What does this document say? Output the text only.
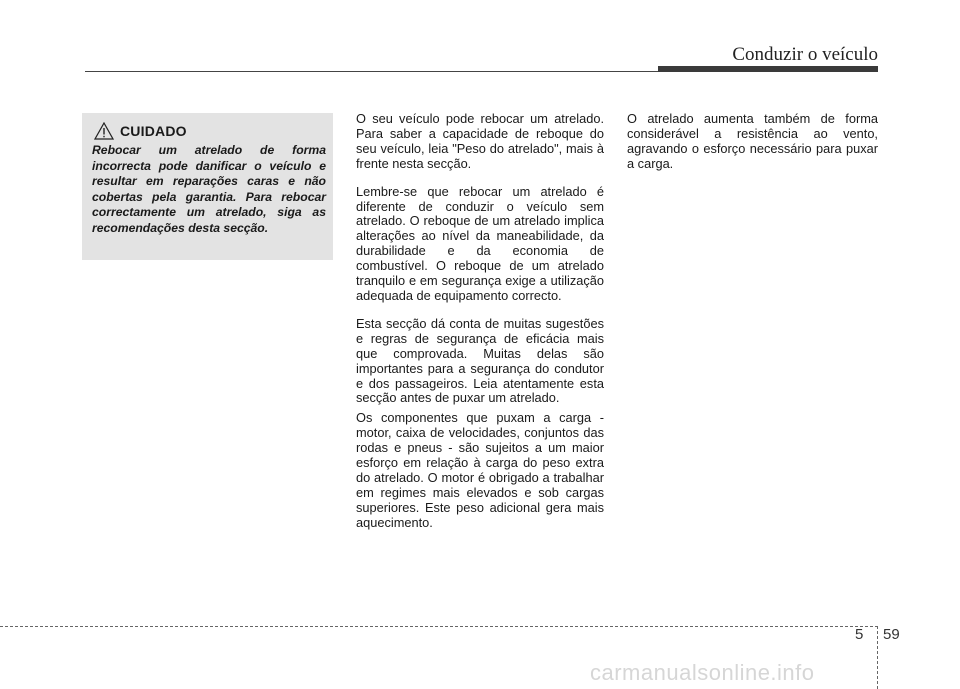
Conduzir o veículo
CUIDADO
Rebocar um atrelado de forma incorrecta pode danificar o veículo e resultar em reparações caras e não cobertas pela garantia. Para rebocar correctamente um atrelado, siga as recomendações desta secção.

O seu veículo pode rebocar um atrelado. Para saber a capacidade de reboque do seu veículo, leia "Peso do atrelado", mais à frente nesta secção.

Lembre-se que rebocar um atrelado é diferente de conduzir o veículo sem atrelado. O reboque de um atrelado implica alterações ao nível da maneabilidade, da durabilidade e da economia de combustível. O reboque de um atrelado tranquilo e em segurança exige a utilização adequada de equipamento correcto.

Esta secção dá conta de muitas sugestões e regras de segurança de eficácia mais que comprovada. Muitas delas são importantes para a segurança do condutor e dos passageiros. Leia atentamente esta secção antes de puxar um atrelado.

Os componentes que puxam a carga - motor, caixa de velocidades, conjuntos das rodas e pneus - são sujeitos a um maior esforço em relação à carga do peso extra do atrelado. O motor é obrigado a trabalhar em regimes mais elevados e sob cargas superiores. Este peso adicional gera mais aquecimento.

O atrelado aumenta também de forma considerável a resistência ao vento, agravando o esforço necessário para puxar a carga.

5 59
carmanualsonline.info
